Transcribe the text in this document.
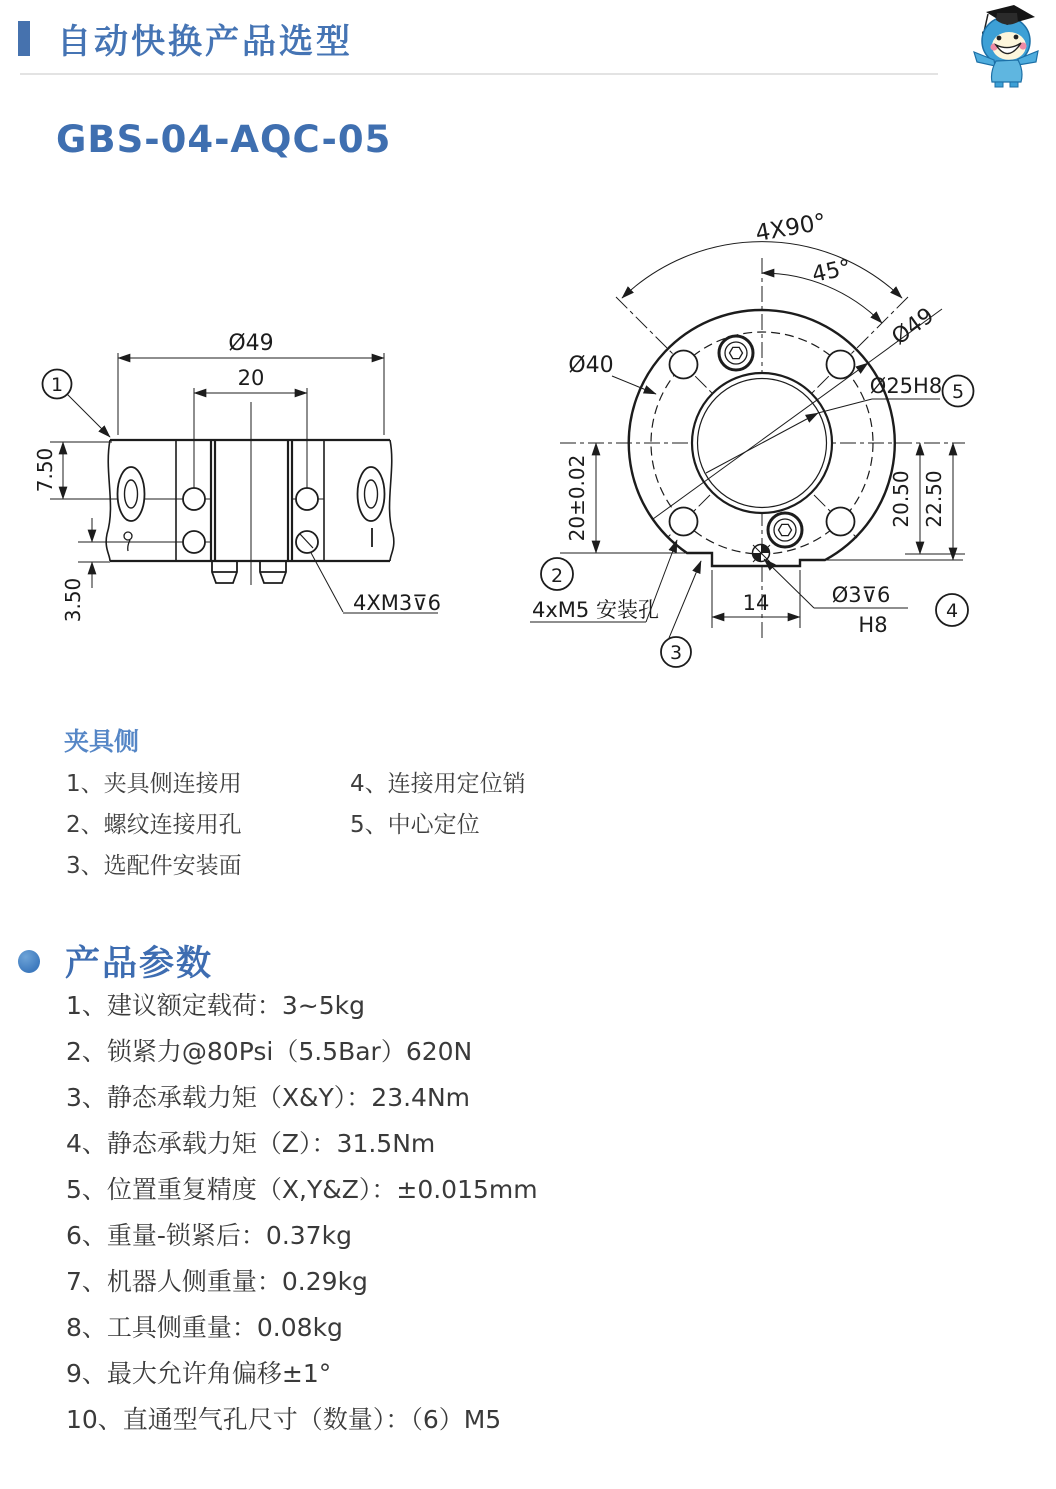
自动快换产品选型
GBS-04-AQC-05
Ø49
20
7.50
3.50	4XM3⊽6
1
4X90°
45°
Ø40
Ø49
Ø25H8
20±0.02	20.50 22.50
14	Ø3⊽6
H8
4xM5 安装孔
2
3
4
5
夹具侧
1、夹具侧连接用
2、螺纹连接用孔
3、选配件安装面
4、连接用定位销
5、中心定位
产品参数
1、建议额定载荷：3~5kg
2、锁紧力@80Psi（5.5Bar）620N
3、静态承载力矩（X&Y）：23.4Nm
4、静态承载力矩（Z）：31.5Nm
5、位置重复精度（X,Y&Z）：±0.015mm
6、重量-锁紧后：0.37kg
7、机器人侧重量：0.29kg
8、工具侧重量：0.08kg
9、最大允许角偏移±1°
10、直通型气孔尺寸（数量）：（6）M5
